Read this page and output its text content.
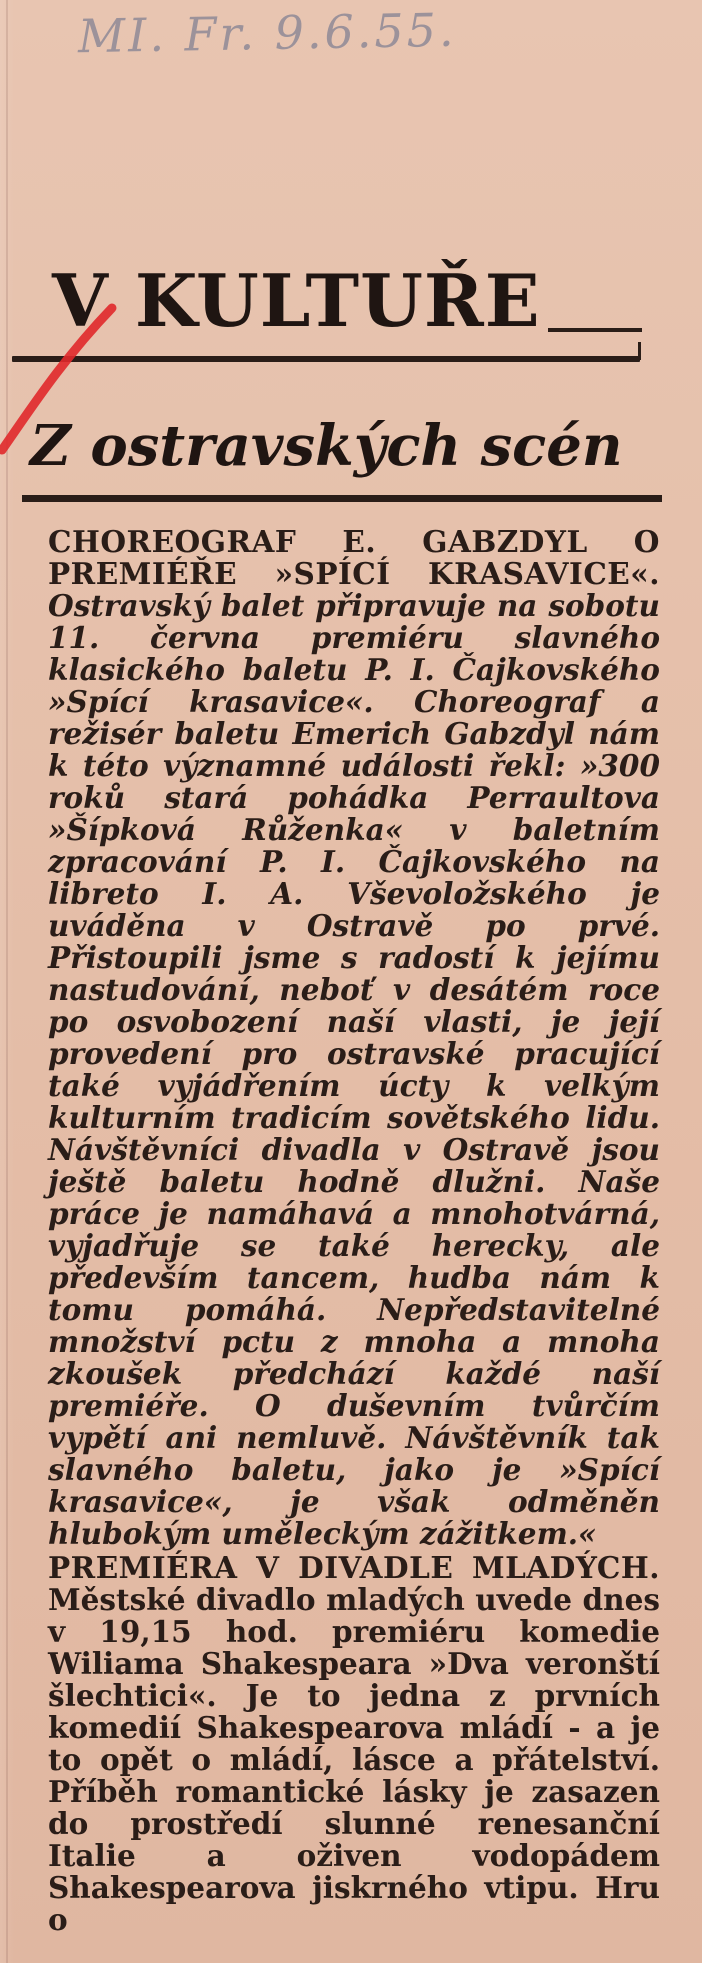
MI. Fr. 9.6.55.
V KULTUŘE
Z ostravských scén

CHOREOGRAF E. GABZDYL O PREMIÉŘE »SPÍCÍ KRASAVICE«. Ostravský balet připravuje na sobotu 11. června premiéru slavného klasického baletu P. I. Čajkovského »Spící krasavice«. Choreograf a režisér baletu Emerich Gabzdyl nám k této významné události řekl: »300 roků stará pohádka Perraultova »Šípková Růženka« v baletním zpracování P. I. Čajkovského na libreto I. A. Vševoložského je uváděna v Ostravě po prvé. Přistoupili jsme s radostí k jejímu nastudování, neboť v desátém roce po osvobození naší vlasti, je její provedení pro ostravské pracující také vyjádřením úcty k velkým kulturním tradicím sovětského lidu. Návštěvníci divadla v Ostravě jsou ještě baletu hodně dlužni. Naše práce je namáhavá a mnohotvárná, vyjadřuje se také herecky, ale především tancem, hudba nám k tomu pomáhá. Nepředstavitelné množství pctu z mnoha a mnoha zkoušek předchází každé naší premiéře. O duševním tvůrčím vypětí ani nemluvě. Návštěvník tak slavného baletu, jako je »Spící krasavice«, je však odměněn hlubokým uměleckým zážitkem.«

PREMIÉRA V DIVADLE MLADÝCH. Městské divadlo mladých uvede dnes v 19,15 hod. premiéru komedie Wiliama Shakespeara »Dva veronští šlechtici«. Je to jedna z prvních komedií Shakespearova mládí - a je to opět o mládí, lásce a přátelství. Příběh romantické lásky je zasazen do prostředí slunné renesanční Italie a oživen vodopádem Shakespearova jiskrného vtipu. Hru o
